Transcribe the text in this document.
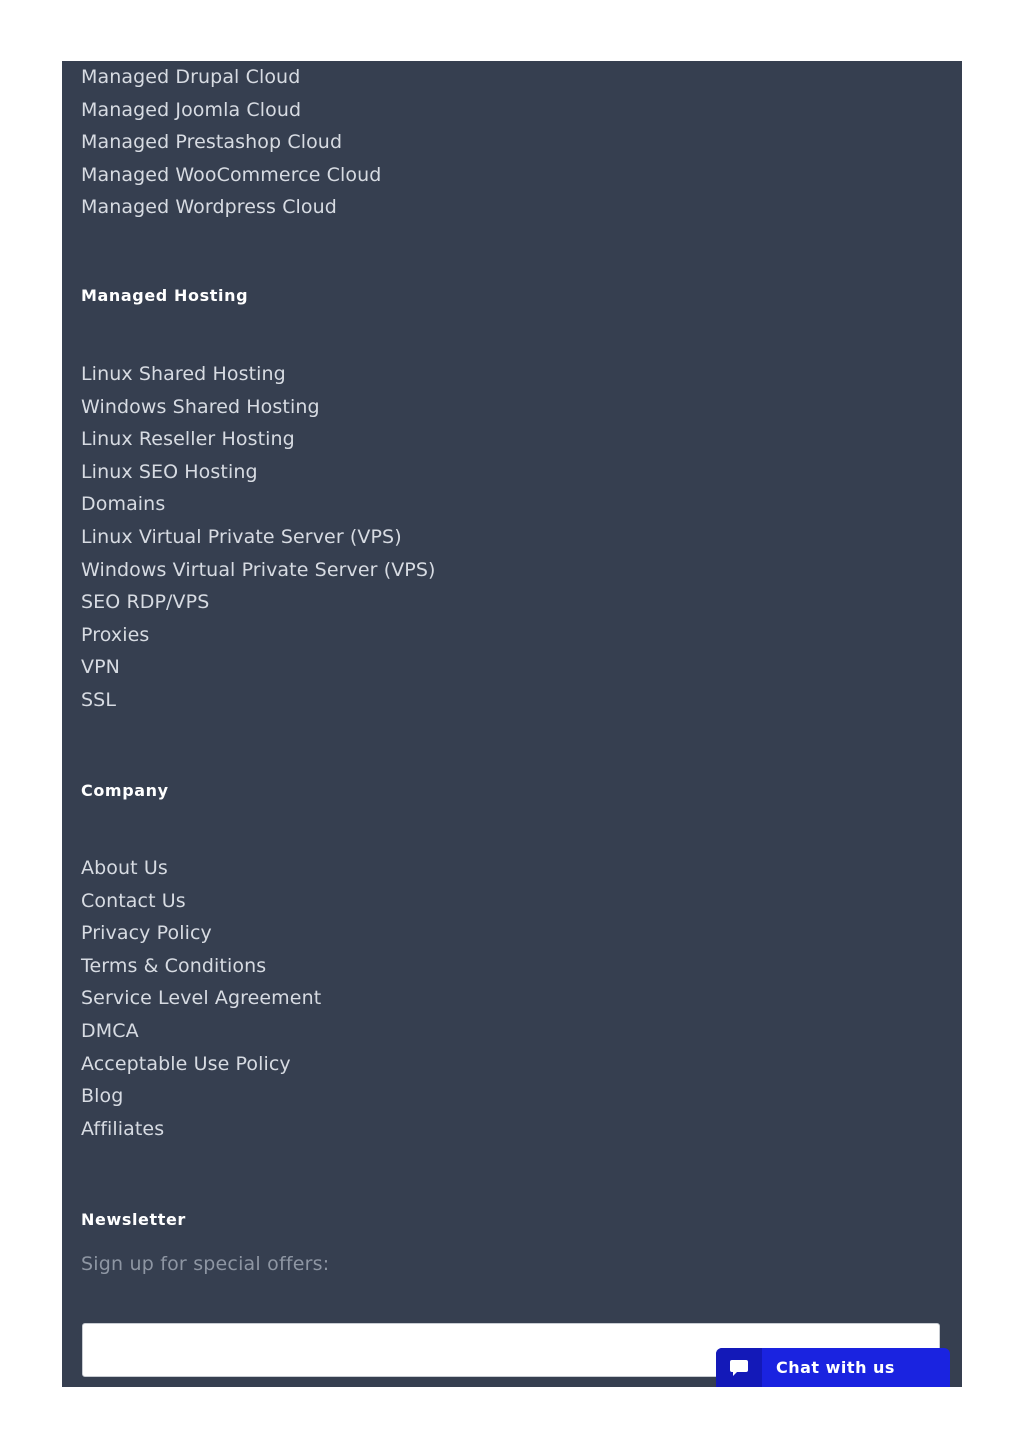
Managed Drupal Cloud
Managed Joomla Cloud
Managed Prestashop Cloud
Managed WooCommerce Cloud
Managed Wordpress Cloud
Managed Hosting
Linux Shared Hosting
Windows Shared Hosting
Linux Reseller Hosting
Linux SEO Hosting
Domains
Linux Virtual Private Server (VPS)
Windows Virtual Private Server (VPS)
SEO RDP/VPS
Proxies
VPN
SSL
Company
About Us
Contact Us
Privacy Policy
Terms & Conditions
Service Level Agreement
DMCA
Acceptable Use Policy
Blog
Affiliates
Newsletter
Sign up for special offers:
Chat with us
